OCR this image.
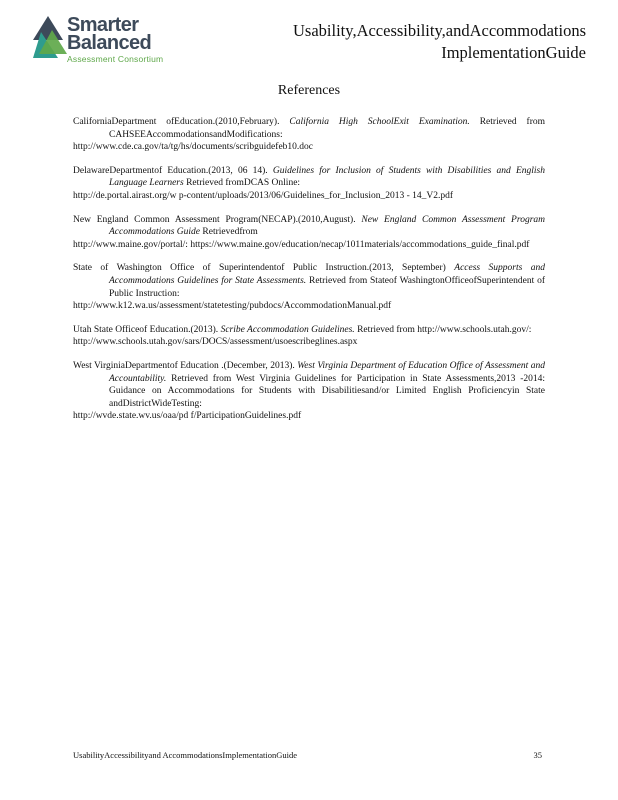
Smarter
Balanced
Assessment Consortium
Usability,Accessibility,andAccommodations
ImplementationGuide
References
CaliforniaDepartment ofEducation.(2010,February). California High SchoolExit Examination. Retrieved from CAHSEEAccommodationsandModifications:
http://www.cde.ca.gov/ta/tg/hs/documents/scribguidefeb10.doc
DelawareDepartmentof Education.(2013, 06 14). Guidelines for Inclusion of Students with Disabilities and English Language Learners Retrieved fromDCAS Online:
http://de.portal.airast.org/w p-content/uploads/2013/06/Guidelines_for_Inclusion_2013 - 14_V2.pdf
New England Common Assessment Program(NECAP).(2010,August). New England Common Assessment Program Accommodations Guide Retrievedfrom
http://www.maine.gov/portal/: https://www.maine.gov/education/necap/1011materials/accommodations_guide_final.pdf
State of Washington Office of Superintendentof Public Instruction.(2013, September) Access Supports and Accommodations Guidelines for State Assessments. Retrieved from Stateof WashingtonOfficeofSuperintendent of Public Instruction:
http://www.k12.wa.us/assessment/statetesting/pubdocs/AccommodationManual.pdf
Utah State Officeof Education.(2013). Scribe Accommodation Guidelines. Retrieved from http://www.schools.utah.gov/:
http://www.schools.utah.gov/sars/DOCS/assessment/usoescribeglines.aspx
West VirginiaDepartmentof Education .(December, 2013). West Virginia Department of Education Office of Assessment and Accountability. Retrieved from West Virginia Guidelines for Participation in State Assessments,2013 -2014: Guidance on Accommodations for Students with Disabilitiesand/or Limited English Proficiencyin State andDistrictWideTesting:
http://wvde.state.wv.us/oaa/pd f/ParticipationGuidelines.pdf
UsabilityAccessibilityand AccommodationsImplementationGuide	35
